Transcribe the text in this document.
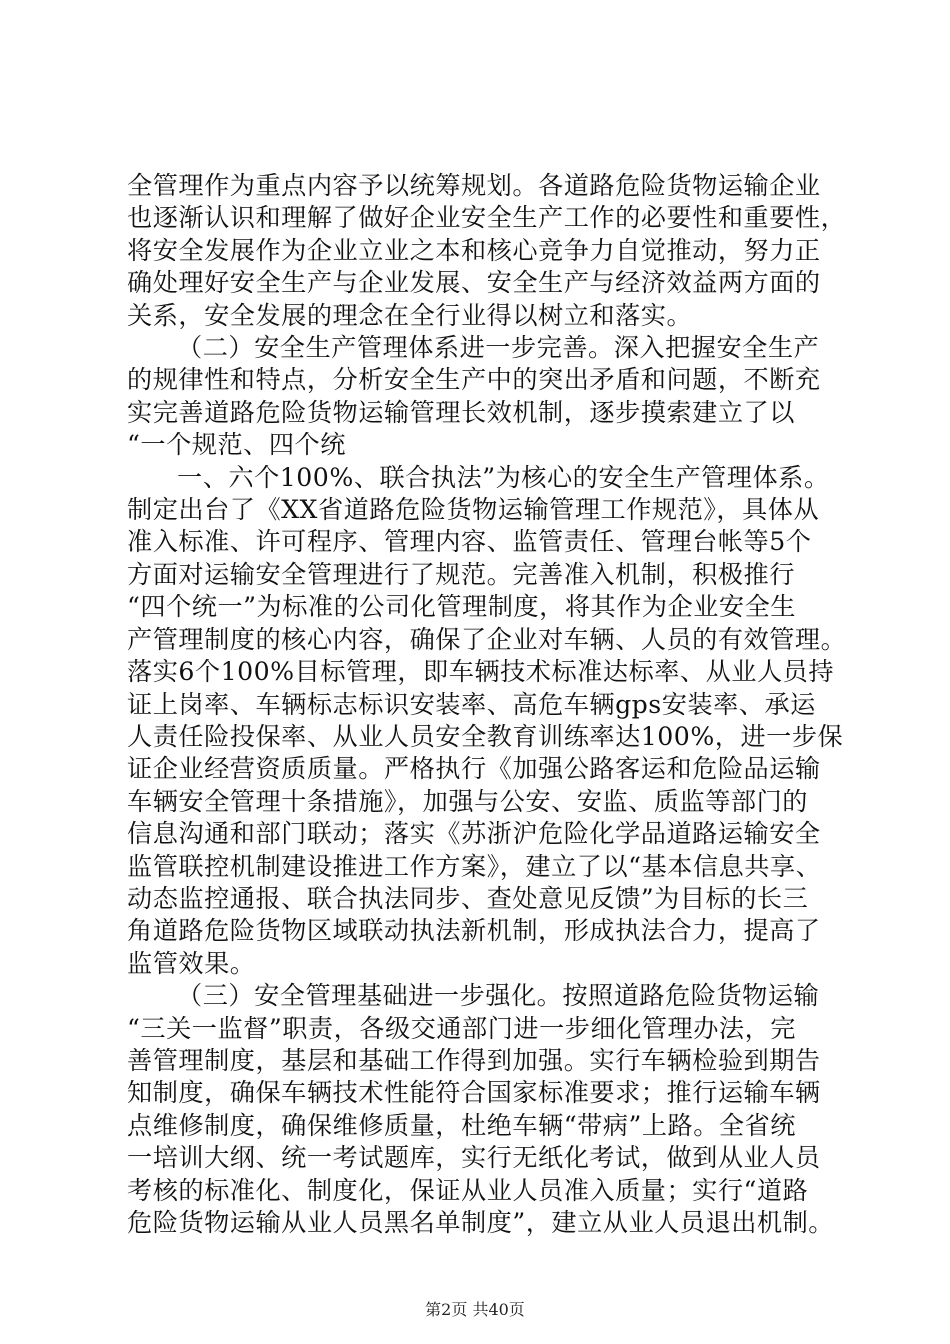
全管理作为重点内容予以统筹规划。各道路危险货物运输企业
也逐渐认识和理解了做好企业安全生产工作的必要性和重要性，
将安全发展作为企业立业之本和核心竞争力自觉推动，努力正
确处理好安全生产与企业发展、安全生产与经济效益两方面的
关系，安全发展的理念在全行业得以树立和落实。
（二）安全生产管理体系进一步完善。深入把握安全生产
的规律性和特点，分析安全生产中的突出矛盾和问题，不断充
实完善道路危险货物运输管理长效机制，逐步摸索建立了以
“一个规范、四个统
一、六个100%、联合执法”为核心的安全生产管理体系。
制定出台了《XX省道路危险货物运输管理工作规范》，具体从
准入标准、许可程序、管理内容、监管责任、管理台帐等5个
方面对运输安全管理进行了规范。完善准入机制，积极推行
“四个统一”为标准的公司化管理制度，将其作为企业安全生
产管理制度的核心内容，确保了企业对车辆、人员的有效管理。
落实6个100%目标管理，即车辆技术标准达标率、从业人员持
证上岗率、车辆标志标识安装率、高危车辆gps安装率、承运
人责任险投保率、从业人员安全教育训练率达100%，进一步保
证企业经营资质质量。严格执行《加强公路客运和危险品运输
车辆安全管理十条措施》，加强与公安、安监、质监等部门的
信息沟通和部门联动；落实《苏浙沪危险化学品道路运输安全
监管联控机制建设推进工作方案》，建立了以“基本信息共享、
动态监控通报、联合执法同步、查处意见反馈”为目标的长三
角道路危险货物区域联动执法新机制，形成执法合力，提高了
监管效果。
（三）安全管理基础进一步强化。按照道路危险货物运输
“三关一监督”职责，各级交通部门进一步细化管理办法，完
善管理制度，基层和基础工作得到加强。实行车辆检验到期告
知制度，确保车辆技术性能符合国家标准要求；推行运输车辆
点维修制度，确保维修质量，杜绝车辆“带病”上路。全省统
一培训大纲、统一考试题库，实行无纸化考试，做到从业人员
考核的标准化、制度化，保证从业人员准入质量；实行“道路
危险货物运输从业人员黑名单制度”，建立从业人员退出机制。
第2页 共40页
